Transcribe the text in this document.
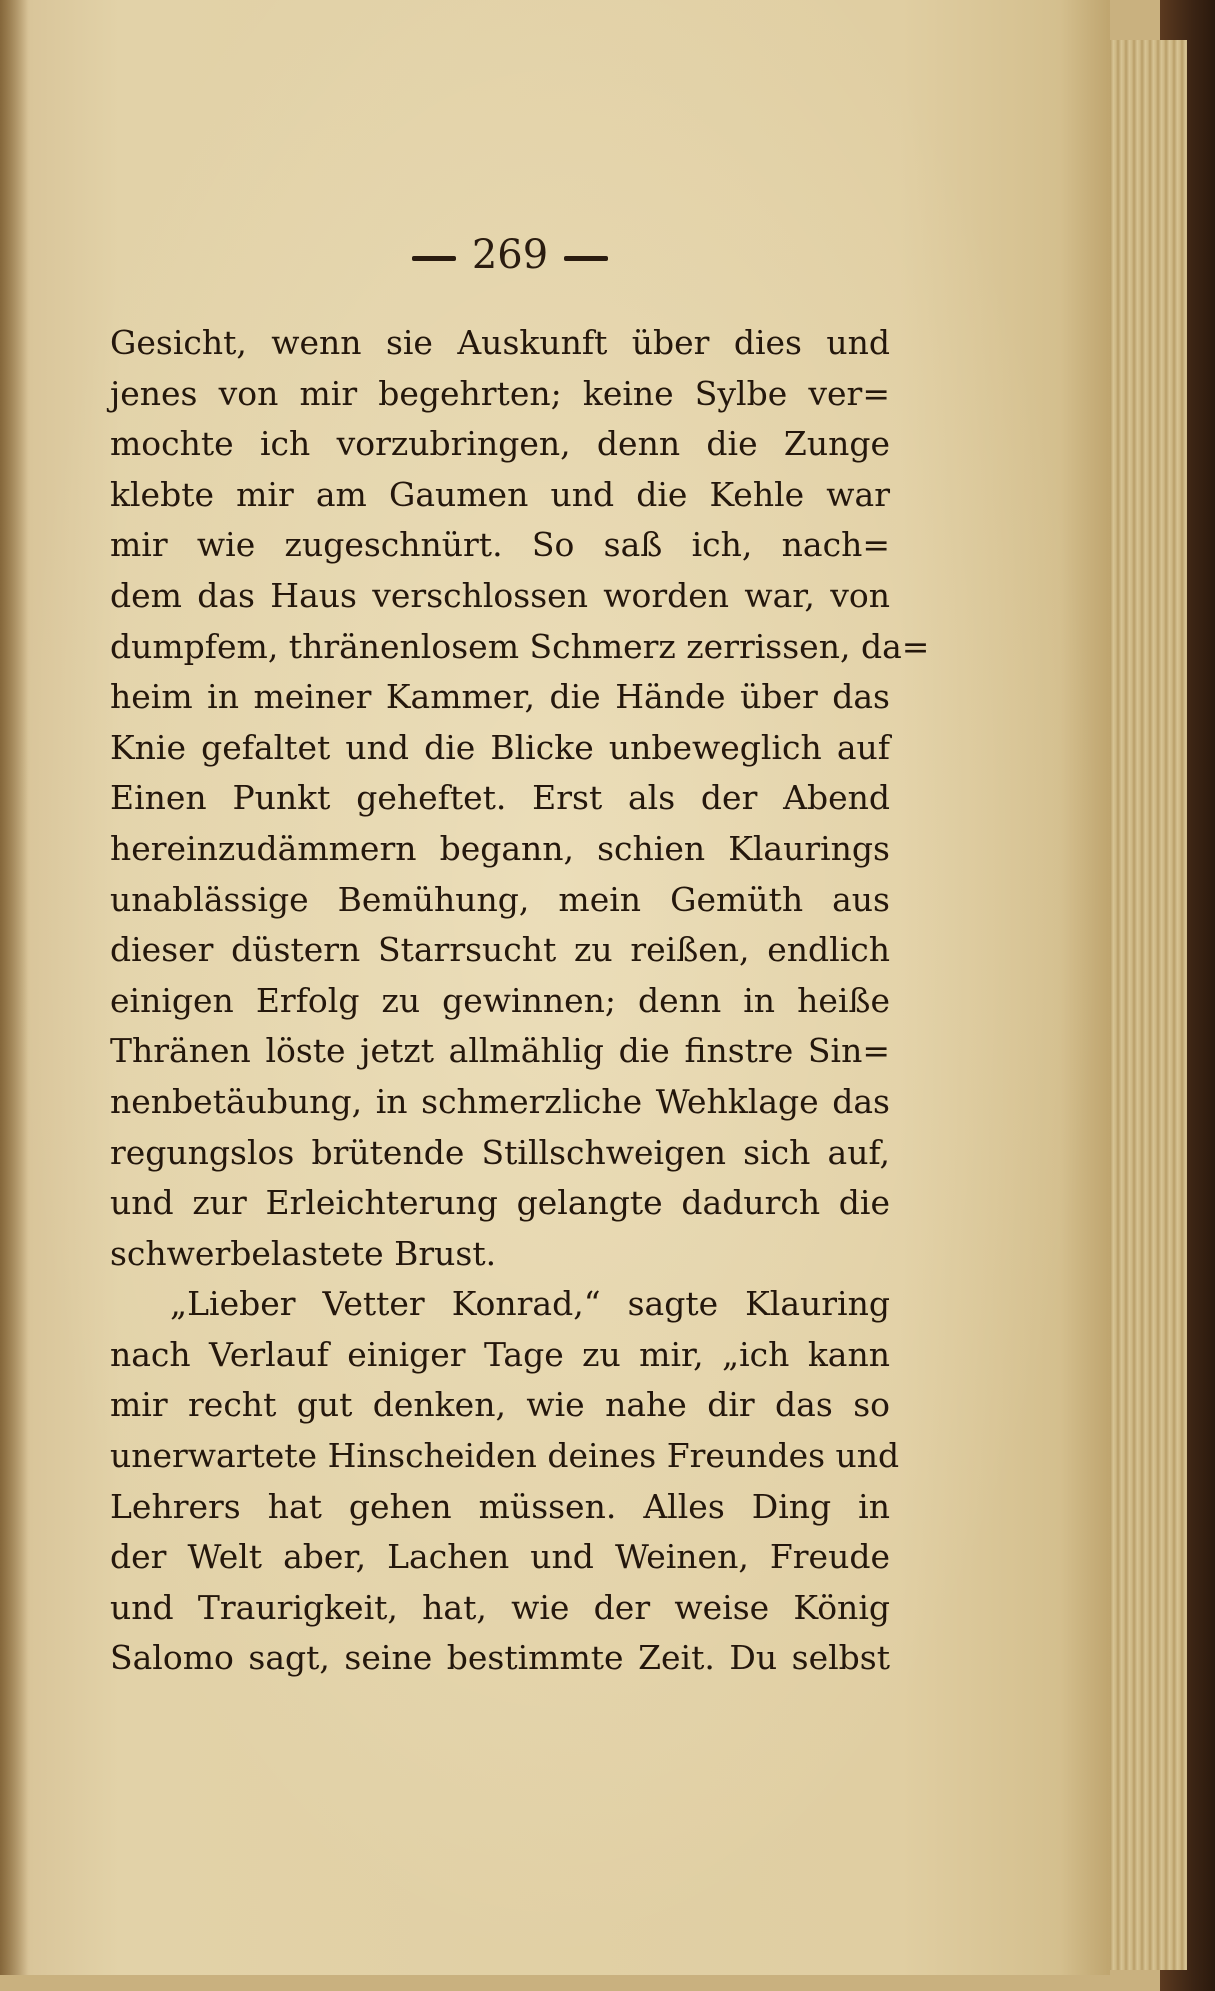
269
Gesicht, wenn sie Auskunft über dies und
jenes von mir begehrten; keine Sylbe ver=
mochte ich vorzubringen, denn die Zunge
klebte mir am Gaumen und die Kehle war
mir wie zugeschnürt. So saß ich, nach=
dem das Haus verschlossen worden war, von
dumpfem, thränenlosem Schmerz zerrissen, da=
heim in meiner Kammer, die Hände über das
Knie gefaltet und die Blicke unbeweglich auf
Einen Punkt geheftet. Erst als der Abend
hereinzudämmern begann, schien Klaurings
unablässige Bemühung, mein Gemüth aus
dieser düstern Starrsucht zu reißen, endlich
einigen Erfolg zu gewinnen; denn in heiße
Thränen löste jetzt allmählig die finstre Sin=
nenbetäubung, in schmerzliche Wehklage das
regungslos brütende Stillschweigen sich auf,
und zur Erleichterung gelangte dadurch die
schwerbelastete Brust.
„Lieber Vetter Konrad,“ sagte Klauring
nach Verlauf einiger Tage zu mir, „ich kann
mir recht gut denken, wie nahe dir das so
unerwartete Hinscheiden deines Freundes und
Lehrers hat gehen müssen. Alles Ding in
der Welt aber, Lachen und Weinen, Freude
und Traurigkeit, hat, wie der weise König
Salomo sagt, seine bestimmte Zeit. Du selbst
